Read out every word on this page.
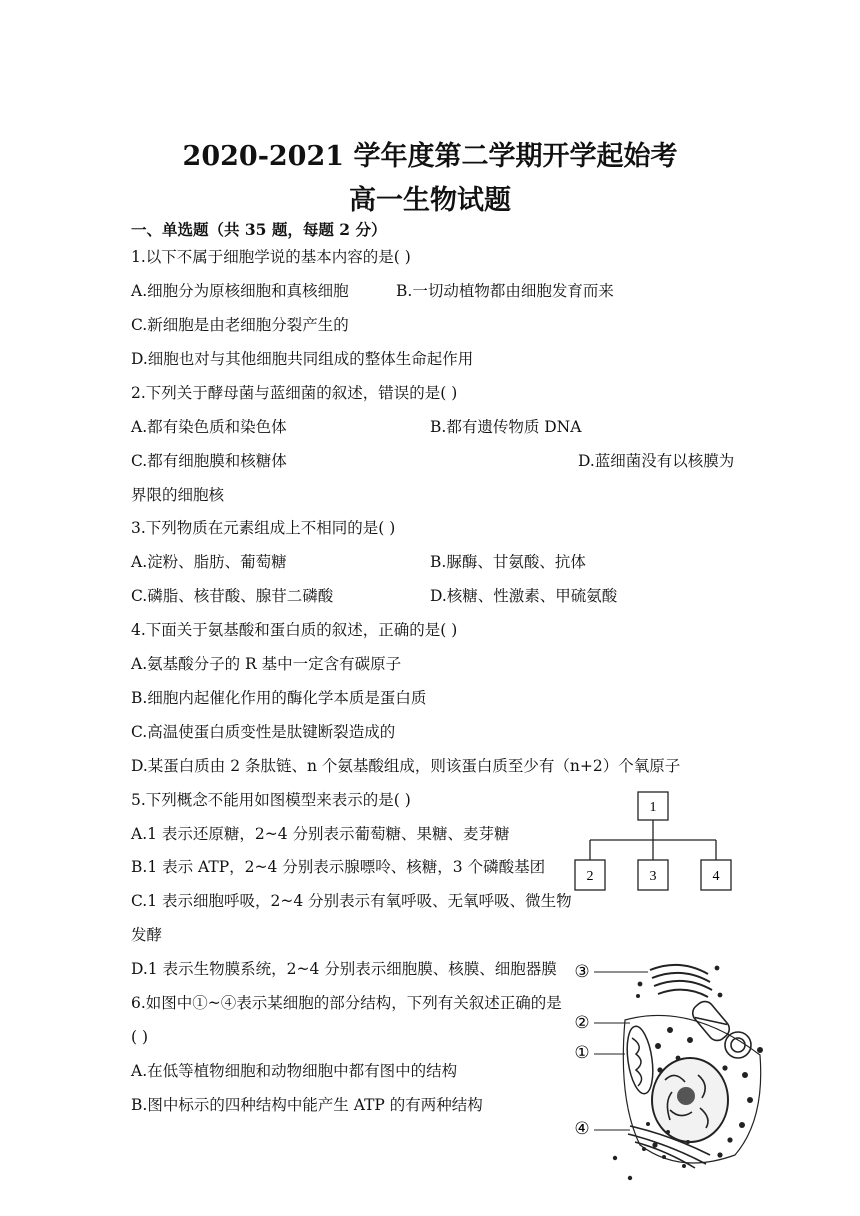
2020-2021 学年度第二学期开学起始考
高一生物试题
一、单选题（共 35 题，每题 2 分）
1.以下不属于细胞学说的基本内容的是( )
A.细胞分为原核细胞和真核细胞	B.一切动植物都由细胞发育而来
C.新细胞是由老细胞分裂产生的
D.细胞也对与其他细胞共同组成的整体生命起作用
2.下列关于酵母菌与蓝细菌的叙述，错误的是( )
A.都有染色质和染色体	B.都有遗传物质 DNA
C.都有细胞膜和核糖体	D.蓝细菌没有以核膜为
界限的细胞核
3.下列物质在元素组成上不相同的是( )
A.淀粉、脂肪、葡萄糖	B.脲酶、甘氨酸、抗体
C.磷脂、核苷酸、腺苷二磷酸	D.核糖、性激素、甲硫氨酸
4.下面关于氨基酸和蛋白质的叙述，正确的是( )
A.氨基酸分子的 R 基中一定含有碳原子
B.细胞内起催化作用的酶化学本质是蛋白质
C.高温使蛋白质变性是肽键断裂造成的
D.某蛋白质由 2 条肽链、n 个氨基酸组成，则该蛋白质至少有（n+2）个氧原子
5.下列概念不能用如图模型来表示的是( )
A.1 表示还原糖，2~4 分别表示葡萄糖、果糖、麦芽糖
B.1 表示 ATP，2~4 分别表示腺嘌呤、核糖，3 个磷酸基团
C.1 表示细胞呼吸，2~4 分别表示有氧呼吸、无氧呼吸、微生物
发酵
D.1 表示生物膜系统，2~4 分别表示细胞膜、核膜、细胞器膜
6.如图中①~④表示某细胞的部分结构，下列有关叙述正确的是
( )
A.在低等植物细胞和动物细胞中都有图中的结构
B.图中标示的四种结构中能产生 ATP 的有两种结构
1
2	3	4
③
②
①
④
